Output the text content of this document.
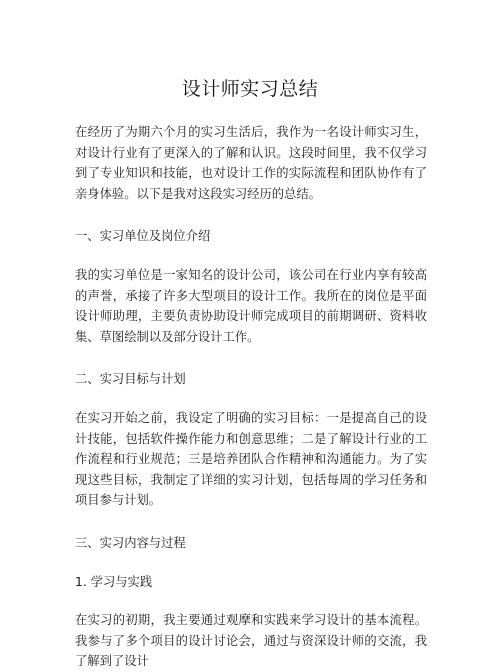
设计师实习总结

在经历了为期六个月的实习生活后，我作为一名设计师实习生，对设计行业有了更深入的了解和认识。这段时间里，我不仅学习到了专业知识和技能，也对设计工作的实际流程和团队协作有了亲身体验。以下是我对这段实习经历的总结。

一、实习单位及岗位介绍

我的实习单位是一家知名的设计公司，该公司在行业内享有较高的声誉，承接了许多大型项目的设计工作。我所在的岗位是平面设计师助理，主要负责协助设计师完成项目的前期调研、资料收集、草图绘制以及部分设计工作。

二、实习目标与计划

在实习开始之前，我设定了明确的实习目标：一是提高自己的设计技能，包括软件操作能力和创意思维；二是了解设计行业的工作流程和行业规范；三是培养团队合作精神和沟通能力。为了实现这些目标，我制定了详细的实习计划，包括每周的学习任务和项目参与计划。

三、实习内容与过程

1. 学习与实践

在实习的初期，我主要通过观摩和实践来学习设计的基本流程。我参与了多个项目的设计讨论会，通过与资深设计师的交流，我了解到了设计
